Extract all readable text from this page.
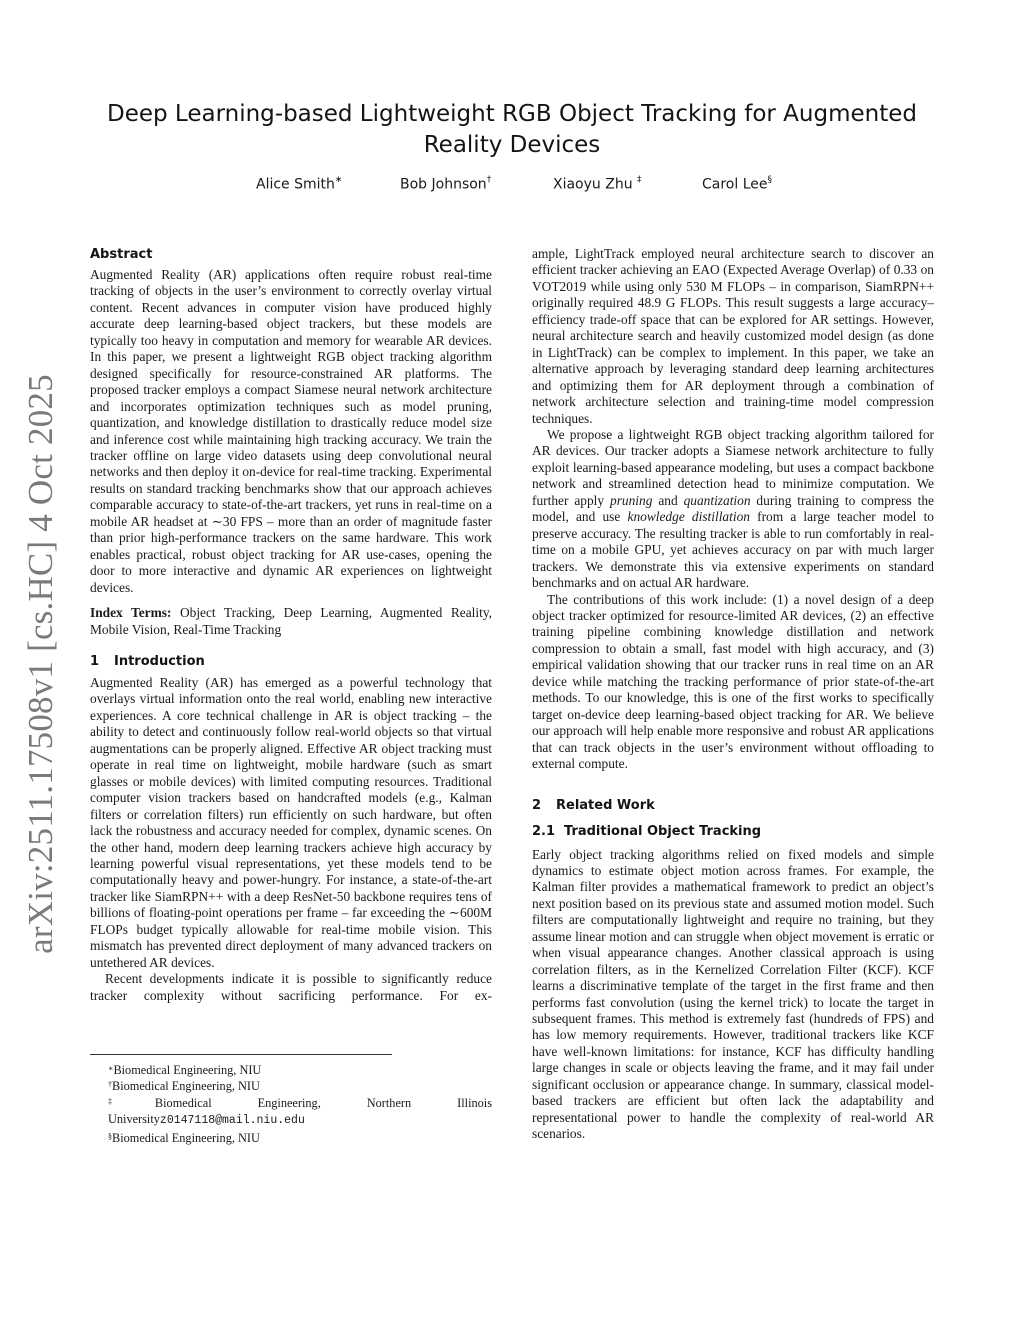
arXiv:2511.17508v1 [cs.HC] 4 Oct 2025
Deep Learning-based Lightweight RGB Object Tracking for Augmented Reality Devices
Alice Smith∗	Bob Johnson†	Xiaoyu Zhu ‡	Carol Lee§
Abstract

Augmented Reality (AR) applications often require robust real-time tracking of objects in the user’s environment to correctly overlay virtual content. Recent advances in computer vision have produced highly accurate deep learning-based object trackers, but these models are typically too heavy in computation and memory for wearable AR devices. In this paper, we present a lightweight RGB object tracking algorithm designed specifically for resource-constrained AR platforms. The proposed tracker employs a compact Siamese neural network architecture and incorporates optimization techniques such as model pruning, quantization, and knowledge distillation to drastically reduce model size and inference cost while maintaining high tracking accuracy. We train the tracker offline on large video datasets using deep convolutional neural networks and then deploy it on-device for real-time tracking. Experimental results on standard tracking benchmarks show that our approach achieves comparable accuracy to state-of-the-art trackers, yet runs in real-time on a mobile AR headset at ∼30 FPS – more than an order of magnitude faster than prior high-performance trackers on the same hardware. This work enables practical, robust object tracking for AR use-cases, opening the door to more interactive and dynamic AR experiences on lightweight devices.

Index Terms: Object Tracking, Deep Learning, Augmented Reality, Mobile Vision, Real-Time Tracking

1 Introduction

Augmented Reality (AR) has emerged as a powerful technology that overlays virtual information onto the real world, enabling new interactive experiences. A core technical challenge in AR is object tracking – the ability to detect and continuously follow real-world objects so that virtual augmentations can be properly aligned. Effective AR object tracking must operate in real time on lightweight, mobile hardware (such as smart glasses or mobile devices) with limited computing resources. Traditional computer vision trackers based on handcrafted models (e.g., Kalman filters or correlation filters) run efficiently on such hardware, but often lack the robustness and accuracy needed for complex, dynamic scenes. On the other hand, modern deep learning trackers achieve high accuracy by learning powerful visual representations, yet these models tend to be computationally heavy and power-hungry. For instance, a state-of-the-art tracker like SiamRPN++ with a deep ResNet-50 backbone requires tens of billions of floating-point operations per frame – far exceeding the ∼600M FLOPs budget typically allowable for real-time mobile vision. This mismatch has prevented direct deployment of many advanced trackers on untethered AR devices.

Recent developments indicate it is possible to significantly reduce tracker complexity without sacrificing performance. For ex-

∗Biomedical Engineering, NIU

†Biomedical Engineering, NIU

‡Biomedical Engineering, Northern Illinois Universityz0147118@mail.niu.edu

§Biomedical Engineering, NIU

ample, LightTrack employed neural architecture search to discover an efficient tracker achieving an EAO (Expected Average Overlap) of 0.33 on VOT2019 while using only 530 M FLOPs – in comparison, SiamRPN++ originally required 48.9 G FLOPs. This result suggests a large accuracy–efficiency trade-off space that can be explored for AR settings. However, neural architecture search and heavily customized model design (as done in LightTrack) can be complex to implement. In this paper, we take an alternative approach by leveraging standard deep learning architectures and optimizing them for AR deployment through a combination of network architecture selection and training-time model compression techniques.

We propose a lightweight RGB object tracking algorithm tailored for AR devices. Our tracker adopts a Siamese network architecture to fully exploit learning-based appearance modeling, but uses a compact backbone network and streamlined detection head to minimize computation. We further apply pruning and quantization during training to compress the model, and use knowledge distillation from a large teacher model to preserve accuracy. The resulting tracker is able to run comfortably in real-time on a mobile GPU, yet achieves accuracy on par with much larger trackers. We demonstrate this via extensive experiments on standard benchmarks and on actual AR hardware.

The contributions of this work include: (1) a novel design of a deep object tracker optimized for resource-limited AR devices, (2) an effective training pipeline combining knowledge distillation and network compression to obtain a small, fast model with high accuracy, and (3) empirical validation showing that our tracker runs in real time on an AR device while matching the tracking performance of prior state-of-the-art methods. To our knowledge, this is one of the first works to specifically target on-device deep learning-based object tracking for AR. We believe our approach will help enable more responsive and robust AR applications that can track objects in the user’s environment without offloading to external compute.

2 Related Work
2.1 Traditional Object Tracking

Early object tracking algorithms relied on fixed models and simple dynamics to estimate object motion across frames. For example, the Kalman filter provides a mathematical framework to predict an object’s next position based on its previous state and assumed motion model. Such filters are computationally lightweight and require no training, but they assume linear motion and can struggle when object movement is erratic or when visual appearance changes. Another classical approach is using correlation filters, as in the Kernelized Correlation Filter (KCF). KCF learns a discriminative template of the target in the first frame and then performs fast convolution (using the kernel trick) to locate the target in subsequent frames. This method is extremely fast (hundreds of FPS) and has low memory requirements. However, traditional trackers like KCF have well-known limitations: for instance, KCF has difficulty handling large changes in scale or objects leaving the frame, and it may fail under significant occlusion or appearance change. In summary, classical model-based trackers are efficient but often lack the adaptability and representational power to handle the complexity of real-world AR scenarios.
